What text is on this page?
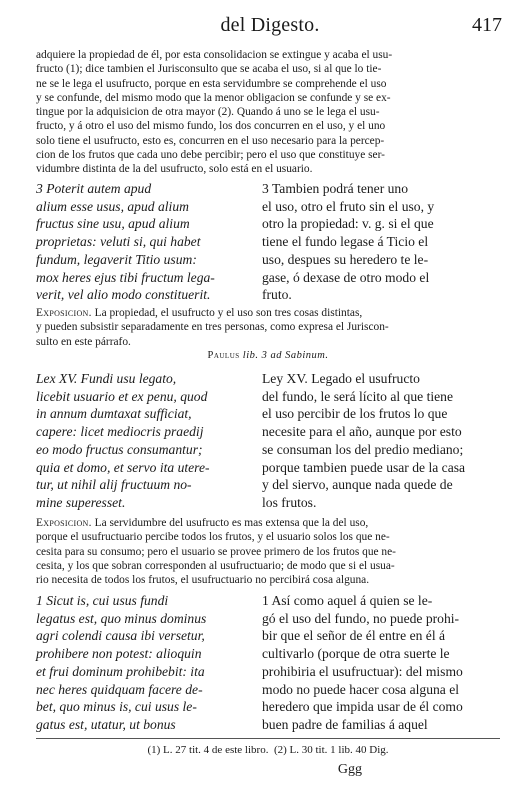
del Digesto.	417
adquiere la propiedad de él, por esta consolidacion se extingue y acaba el usu-
fructo (1); dice tambien el Jurisconsulto que se acaba el uso, si al que lo tie-
ne se le lega el usufructo, porque en esta servidumbre se comprehende el uso
y se confunde, del mismo modo que la menor obligacion se confunde y se ex-
tingue por la adquisicion de otra mayor (2). Quando á uno se le lega el usu-
fructo, y á otro el uso del mismo fundo, los dos concurren en el uso, y el uno
solo tiene el usufructo, esto es, concurren en el uso necesario para la percep-
cion de los frutos que cada uno debe percibir; pero el uso que constituye ser-
vidumbre distinta de la del usufructo, solo está en el usuario.
3 Poterit autem apud
alium esse usus, apud alium
fructus sine usu, apud alium
proprietas: veluti si, qui habet
fundum, legaverit Titio usum:
mox heres ejus tibi fructum lega-
verit, vel alio modo constituerit.
3 Tambien podrá tener uno
el uso, otro el fruto sin el uso, y
otro la propiedad: v. g. si el que
tiene el fundo legase á Ticio el
uso, despues su heredero te le-
gase, ó dexase de otro modo el
fruto.
Exposicion. La propiedad, el usufructo y el uso son tres cosas distintas,
y pueden subsistir separadamente en tres personas, como expresa el Juriscon-
sulto en este párrafo.
Paulus lib. 3 ad Sabinum.
Lex XV. Fundi usu legato,
licebit usuario et ex penu, quod
in annum dumtaxat sufficiat,
capere: licet mediocris praedij
eo modo fructus consumantur;
quia et domo, et servo ita utere-
tur, ut nihil alij fructuum no-
mine superesset.
Ley XV. Legado el usufructo
del fundo, le será lícito al que tiene
el uso percibir de los frutos lo que
necesite para el año, aunque por esto
se consuman los del predio mediano;
porque tambien puede usar de la casa
y del siervo, aunque nada quede de
los frutos.
Exposicion. La servidumbre del usufructo es mas extensa que la del uso,
porque el usufructuario percibe todos los frutos, y el usuario solos los que ne-
cesita para su consumo; pero el usuario se provee primero de los frutos que ne-
cesita, y los que sobran corresponden al usufructuario; de modo que si el usua-
rio necesita de todos los frutos, el usufructuario no percibirá cosa alguna.
1 Sicut is, cui usus fundi
legatus est, quo minus dominus
agri colendi causa ibi versetur,
prohibere non potest: alioquin
et frui dominum prohibebit: ita
nec heres quidquam facere de-
bet, quo minus is, cui usus le-
gatus est, utatur, ut bonus
1 Así como aquel á quien se le-
gó el uso del fundo, no puede prohi-
bir que el señor de él entre en él á
cultivarlo (porque de otra suerte le
prohibiria el usufructuar): del mismo
modo no puede hacer cosa alguna el
heredero que impida usar de él como
buen padre de familias á aquel
(1) L. 27 tit. 4 de este libro. (2) L. 30 tit. 1 lib. 40 Dig.
Ggg
